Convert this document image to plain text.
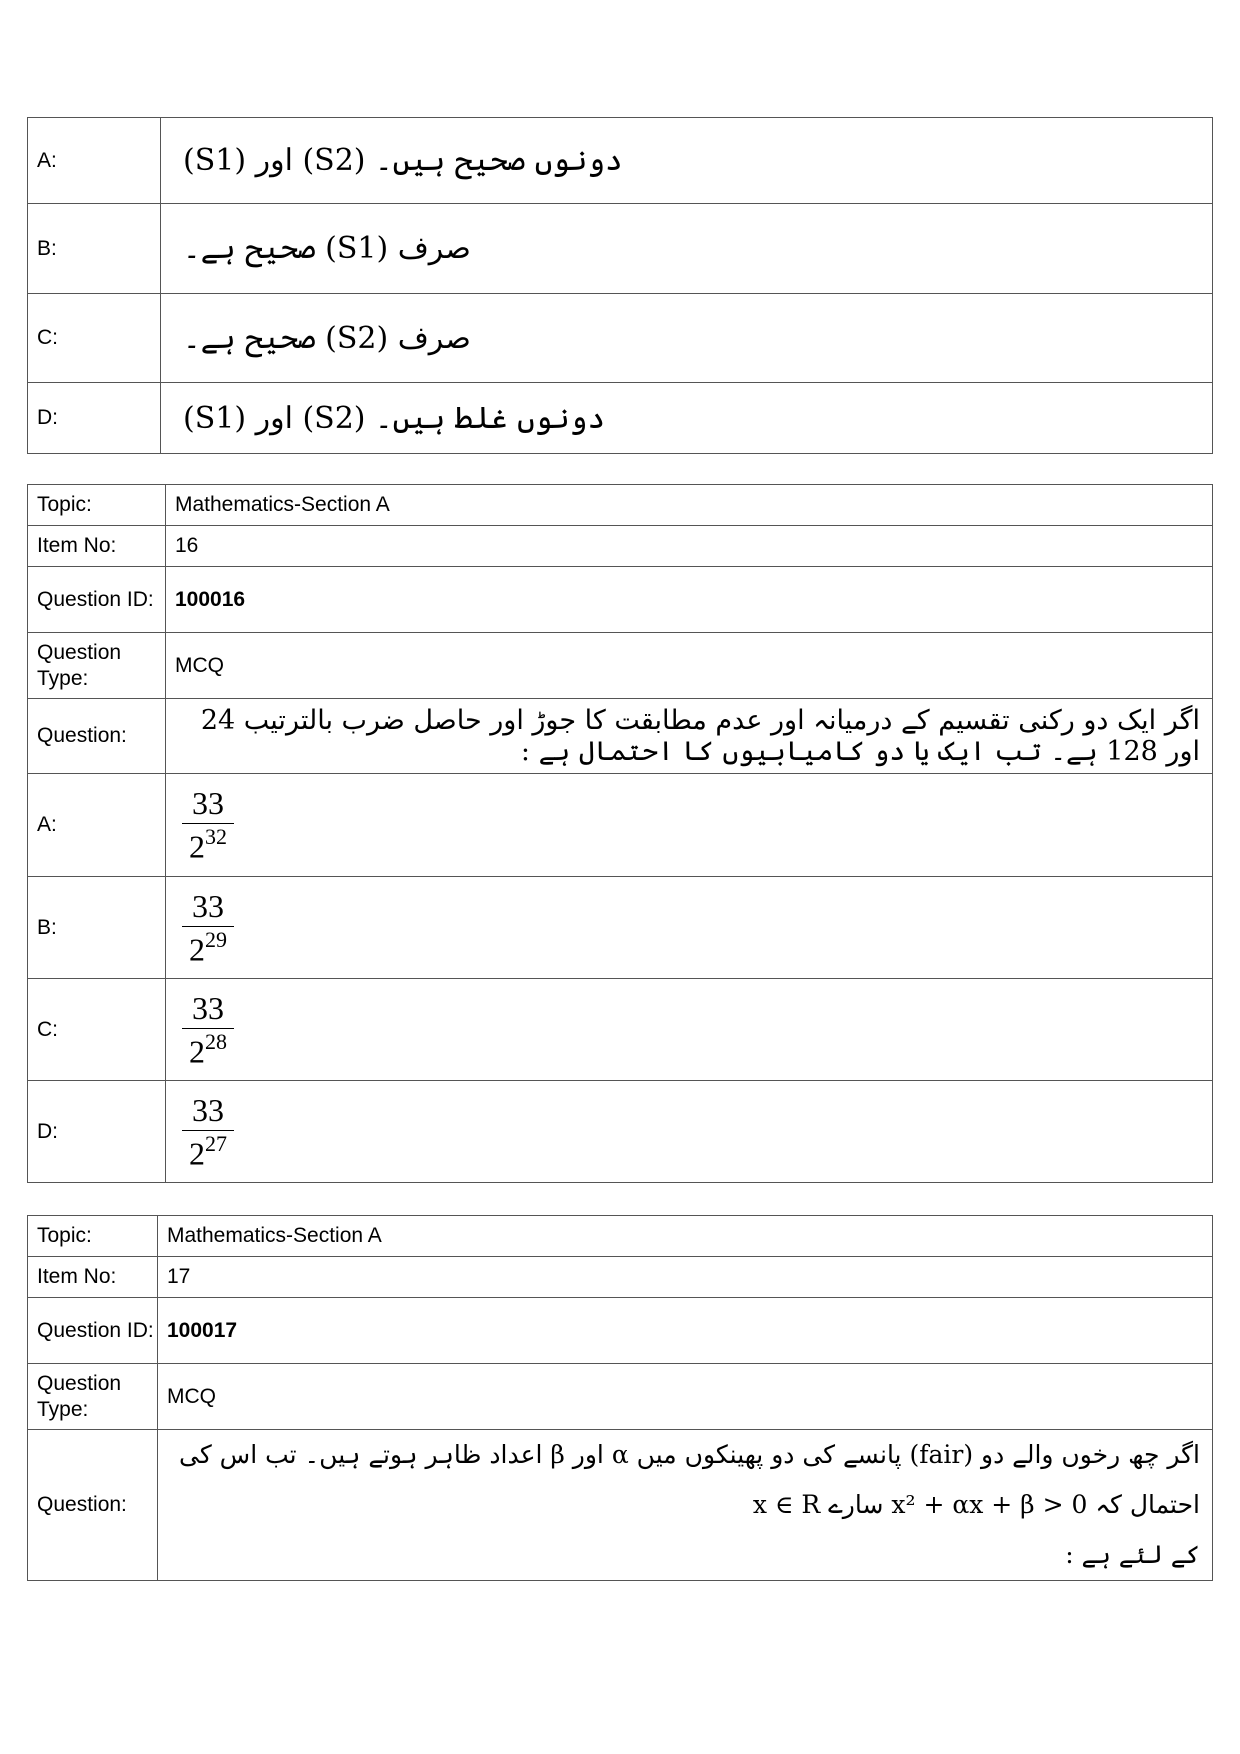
A:	(S1) اور (S2) دونوں صحیح ہیں۔
B:	صرف (S1) صحیح ہے۔
C:	صرف (S2) صحیح ہے۔
D:	(S1) اور (S2) دونوں غلط ہیں۔
Topic:	Mathematics-Section A
Item No:	16
Question ID:	100016
Question Type:	MCQ
Question:	اگر ایک دو رکنی تقسیم کے درمیانہ اور عدم مطابقت کا جوڑ اور حاصل ضرب بالترتیب 24 اور 128 ہے۔ تب ایک یا دو کامیابیوں کا احتمال ہے :
A:	$\frac{33}{2^{32}}$

B:	$\frac{33}{2^{29}}$

C:	$\frac{33}{2^{28}}$

D:	$\frac{33}{2^{27}}$
Topic:	Mathematics-Section A
Item No:	17
Question ID:	100017
Question Type:	MCQ
Question:	اگر چھ رخوں والے دو (fair) پانسے کی دو پھینکوں میں α اور β اعداد ظاہر ہوتے ہیں۔ تب اس کی احتمال کہ x² + αx + β > 0 سارے x ∈ R
کے لئے ہے :
